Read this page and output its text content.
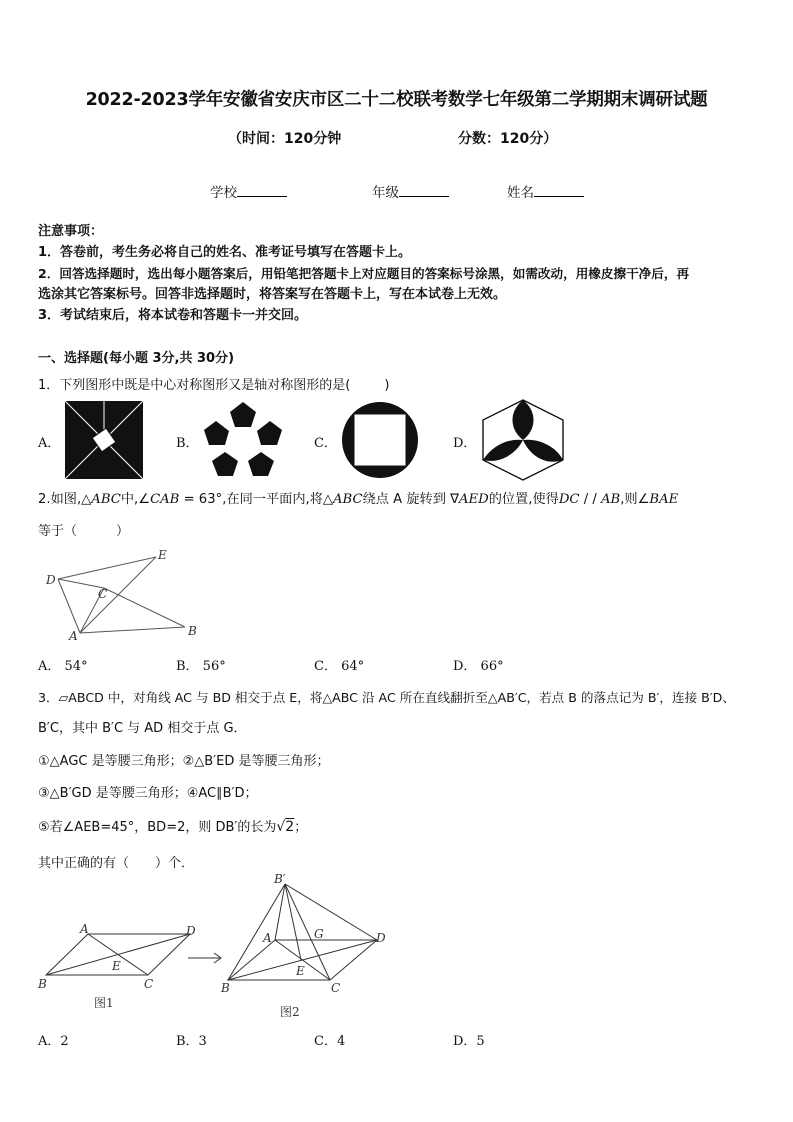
2022-2023学年安徽省安庆市区二十二校联考数学七年级第二学期期末调研试题
（时间：120分钟	分数：120分）
学校	年级	姓名
注意事项：
1．答卷前，考生务必将自己的姓名、准考证号填写在答题卡上。
2．回答选择题时，选出每小题答案后，用铅笔把答题卡上对应题目的答案标号涂黑，如需改动，用橡皮擦干净后，再
选涂其它答案标号。回答非选择题时，将答案写在答题卡上，写在本试卷上无效。
3．考试结束后，将本试卷和答题卡一并交回。
一、选择题(每小题 3分,共 30分)
1．下列图形中既是中心对称图形又是轴对称图形的是(	)
A．	B．	C．	D．
2.如图,△ABC中,∠CAB = 63°,在同一平面内,将△ABC绕点 A 旋转到 ∇AED的位置,使得DC / / AB,则∠BAE
等于（　　　）
D
E
C
A	B
A． 54°	B． 56°	C． 64°	D． 66°
3．▱ABCD 中，对角线 AC 与 BD 相交于点 E，将△ABC 沿 AC 所在直线翻折至△AB′C，若点 B 的落点记为 B′，连接 B′D、
B′C，其中 B′C 与 AD 相交于点 G．
①△AGC 是等腰三角形；②△B′ED 是等腰三角形；
③△B′GD 是等腰三角形；④AC∥B′D；
⑤若∠AEB=45°，BD=2，则 DB′的长为√2；
其中正确的有（　　）个．
A	D
B	C
E
图1
B′
A	G	D
E
B	C
图2
A．2	B．3	C．4	D．5
